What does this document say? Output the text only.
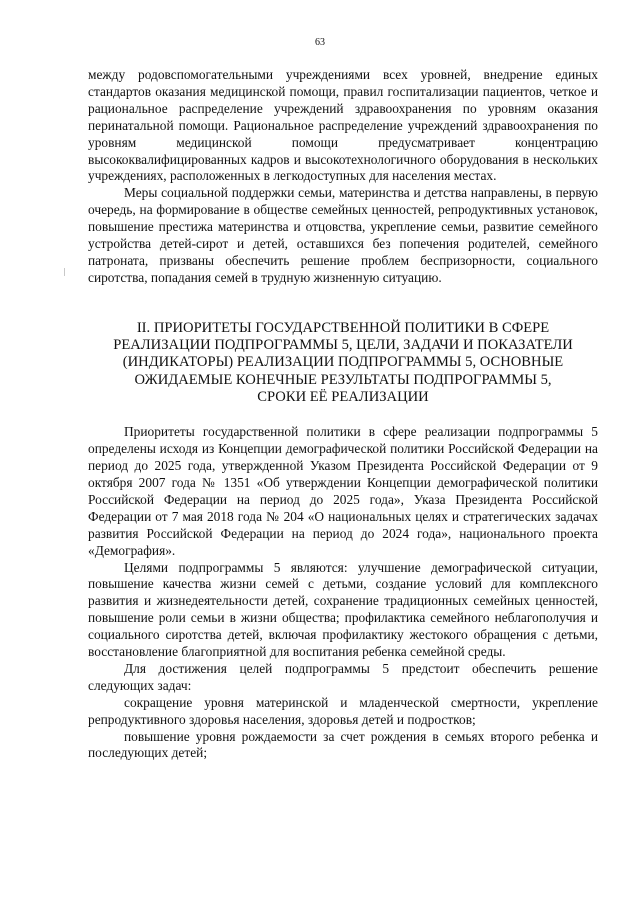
63

между родовспомогательными учреждениями всех уровней, внедрение единых стандартов оказания медицинской помощи, правил госпитализации пациентов, четкое и рациональное распределение учреждений здравоохранения по уровням оказания перинатальной помощи. Рациональное распределение учреждений здравоохранения по уровням медицинской помощи предусматривает концентрацию высококвалифицированных кадров и высокотехнологичного оборудования в нескольких учреждениях, расположенных в легкодоступных для населения местах.

Меры социальной поддержки семьи, материнства и детства направлены, в первую очередь, на формирование в обществе семейных ценностей, репродуктивных установок, повышение престижа материнства и отцовства, укрепление семьи, развитие семейного устройства детей-сирот и детей, оставшихся без попечения родителей, семейного патроната, призваны обеспечить решение проблем беспризорности, социального сиротства, попадания семей в трудную жизненную ситуацию.

II. ПРИОРИТЕТЫ ГОСУДАРСТВЕННОЙ ПОЛИТИКИ В СФЕРЕ
РЕАЛИЗАЦИИ ПОДПРОГРАММЫ 5, ЦЕЛИ, ЗАДАЧИ И ПОКАЗАТЕЛИ
(ИНДИКАТОРЫ) РЕАЛИЗАЦИИ ПОДПРОГРАММЫ 5, ОСНОВНЫЕ
ОЖИДАЕМЫЕ КОНЕЧНЫЕ РЕЗУЛЬТАТЫ ПОДПРОГРАММЫ 5,
СРОКИ ЕЁ РЕАЛИЗАЦИИ

Приоритеты государственной политики в сфере реализации подпрограммы 5 определены исходя из Концепции демографической политики Российской Федерации на период до 2025 года, утвержденной Указом Президента Российской Федерации от 9 октября 2007 года № 1351 «Об утверждении Концепции демографической политики Российской Федерации на период до 2025 года», Указа Президента Российской Федерации от 7 мая 2018 года № 204 «О национальных целях и стратегических задачах развития Российской Федерации на период до 2024 года», национального проекта «Демография».

Целями подпрограммы 5 являются: улучшение демографической ситуации, повышение качества жизни семей с детьми, создание условий для комплексного развития и жизнедеятельности детей, сохранение традиционных семейных ценностей, повышение роли семьи в жизни общества; профилактика семейного неблагополучия и социального сиротства детей, включая профилактику жестокого обращения с детьми, восстановление благоприятной для воспитания ребенка семейной среды.

Для достижения целей подпрограммы 5 предстоит обеспечить решение следующих задач:

сокращение уровня материнской и младенческой смертности, укрепление репродуктивного здоровья населения, здоровья детей и подростков;

повышение уровня рождаемости за счет рождения в семьях второго ребенка и последующих детей;
